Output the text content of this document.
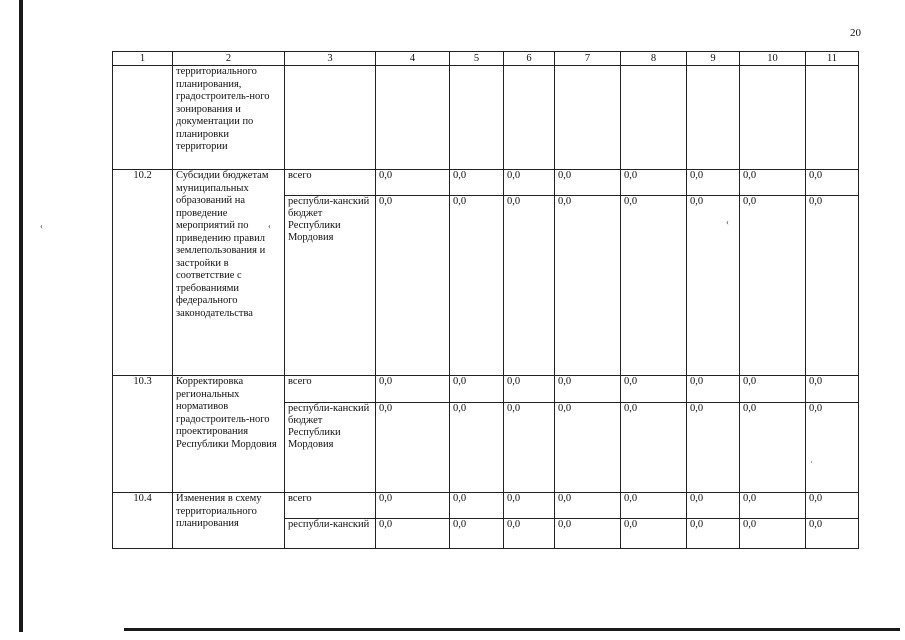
20
‹	‹	‹
·
1	2	3	4	5	6	7	8	9	10	11
	территориального планирования, градостроитель-ного зонирования и документации по планировки территории									
10.2	Субсидии бюджетам муниципальных образований на проведение мероприятий по приведению правил землепользования и застройки в соответствие с требованиями федерального законодательства	всего	0,0	0,0	0,0	0,0	0,0	0,0	0,0	0,0
		республи-канский бюджет Республики Мордовия	0,0	0,0	0,0	0,0	0,0	0,0	0,0	0,0
10.3	Корректировка региональных нормативов градостроитель-ного проектирования Республики Мордовия	всего	0,0	0,0	0,0	0,0	0,0	0,0	0,0	0,0
		республи-канский бюджет Республики Мордовия	0,0	0,0	0,0	0,0	0,0	0,0	0,0	0,0
10.4	Изменения в схему территориального планирования	всего	0,0	0,0	0,0	0,0	0,0	0,0	0,0	0,0
		республи-канский	0,0	0,0	0,0	0,0	0,0	0,0	0,0	0,0
